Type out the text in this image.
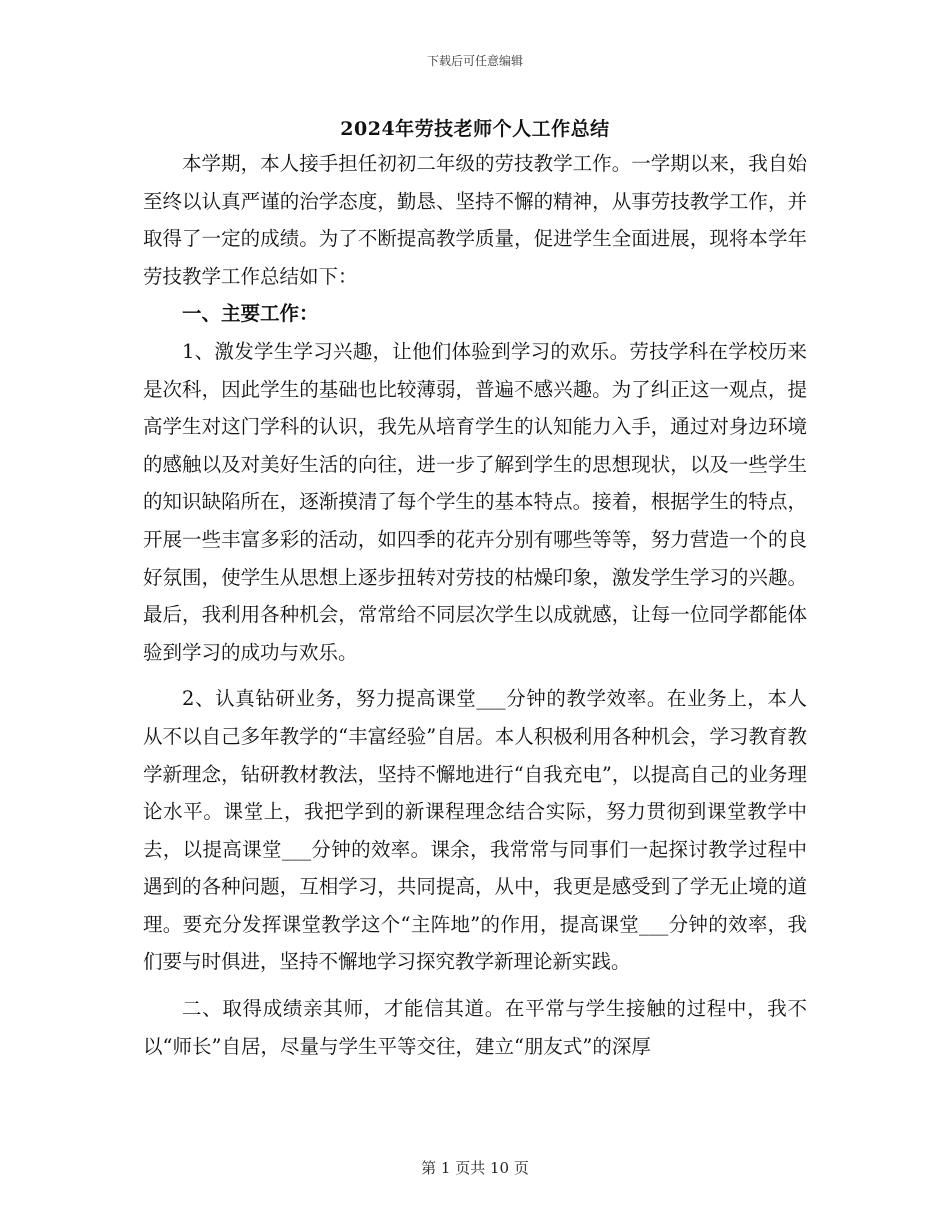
下载后可任意编辑
2024年劳技老师个人工作总结

本学期，本人接手担任初初二年级的劳技教学工作。一学期以来，我自始至终以认真严谨的治学态度，勤恳、坚持不懈的精神，从事劳技教学工作，并取得了一定的成绩。为了不断提高教学质量，促进学生全面进展，现将本学年劳技教学工作总结如下：

一、主要工作：

1、激发学生学习兴趣，让他们体验到学习的欢乐。劳技学科在学校历来是次科，因此学生的基础也比较薄弱，普遍不感兴趣。为了纠正这一观点，提高学生对这门学科的认识，我先从培育学生的认知能力入手，通过对身边环境的感触以及对美好生活的向往，进一步了解到学生的思想现状，以及一些学生的知识缺陷所在，逐渐摸清了每个学生的基本特点。接着，根据学生的特点，开展一些丰富多彩的活动，如四季的花卉分别有哪些等等，努力营造一个的良好氛围，使学生从思想上逐步扭转对劳技的枯燥印象，激发学生学习的兴趣。最后，我利用各种机会，常常给不同层次学生以成就感，让每一位同学都能体验到学习的成功与欢乐。

2、认真钻研业务，努力提高课堂___分钟的教学效率。在业务上，本人从不以自己多年教学的“丰富经验”自居。本人积极利用各种机会，学习教育教学新理念，钻研教材教法，坚持不懈地进行“自我充电”，以提高自己的业务理论水平。课堂上，我把学到的新课程理念结合实际，努力贯彻到课堂教学中去，以提高课堂___分钟的效率。课余，我常常与同事们一起探讨教学过程中遇到的各种问题，互相学习，共同提高，从中，我更是感受到了学无止境的道理。要充分发挥课堂教学这个“主阵地”的作用，提高课堂___分钟的效率，我们要与时俱进，坚持不懈地学习探究教学新理论新实践。

二、取得成绩亲其师，才能信其道。在平常与学生接触的过程中，我不以“师长”自居，尽量与学生平等交往，建立“朋友式”的深厚

第 1 页共 10 页
